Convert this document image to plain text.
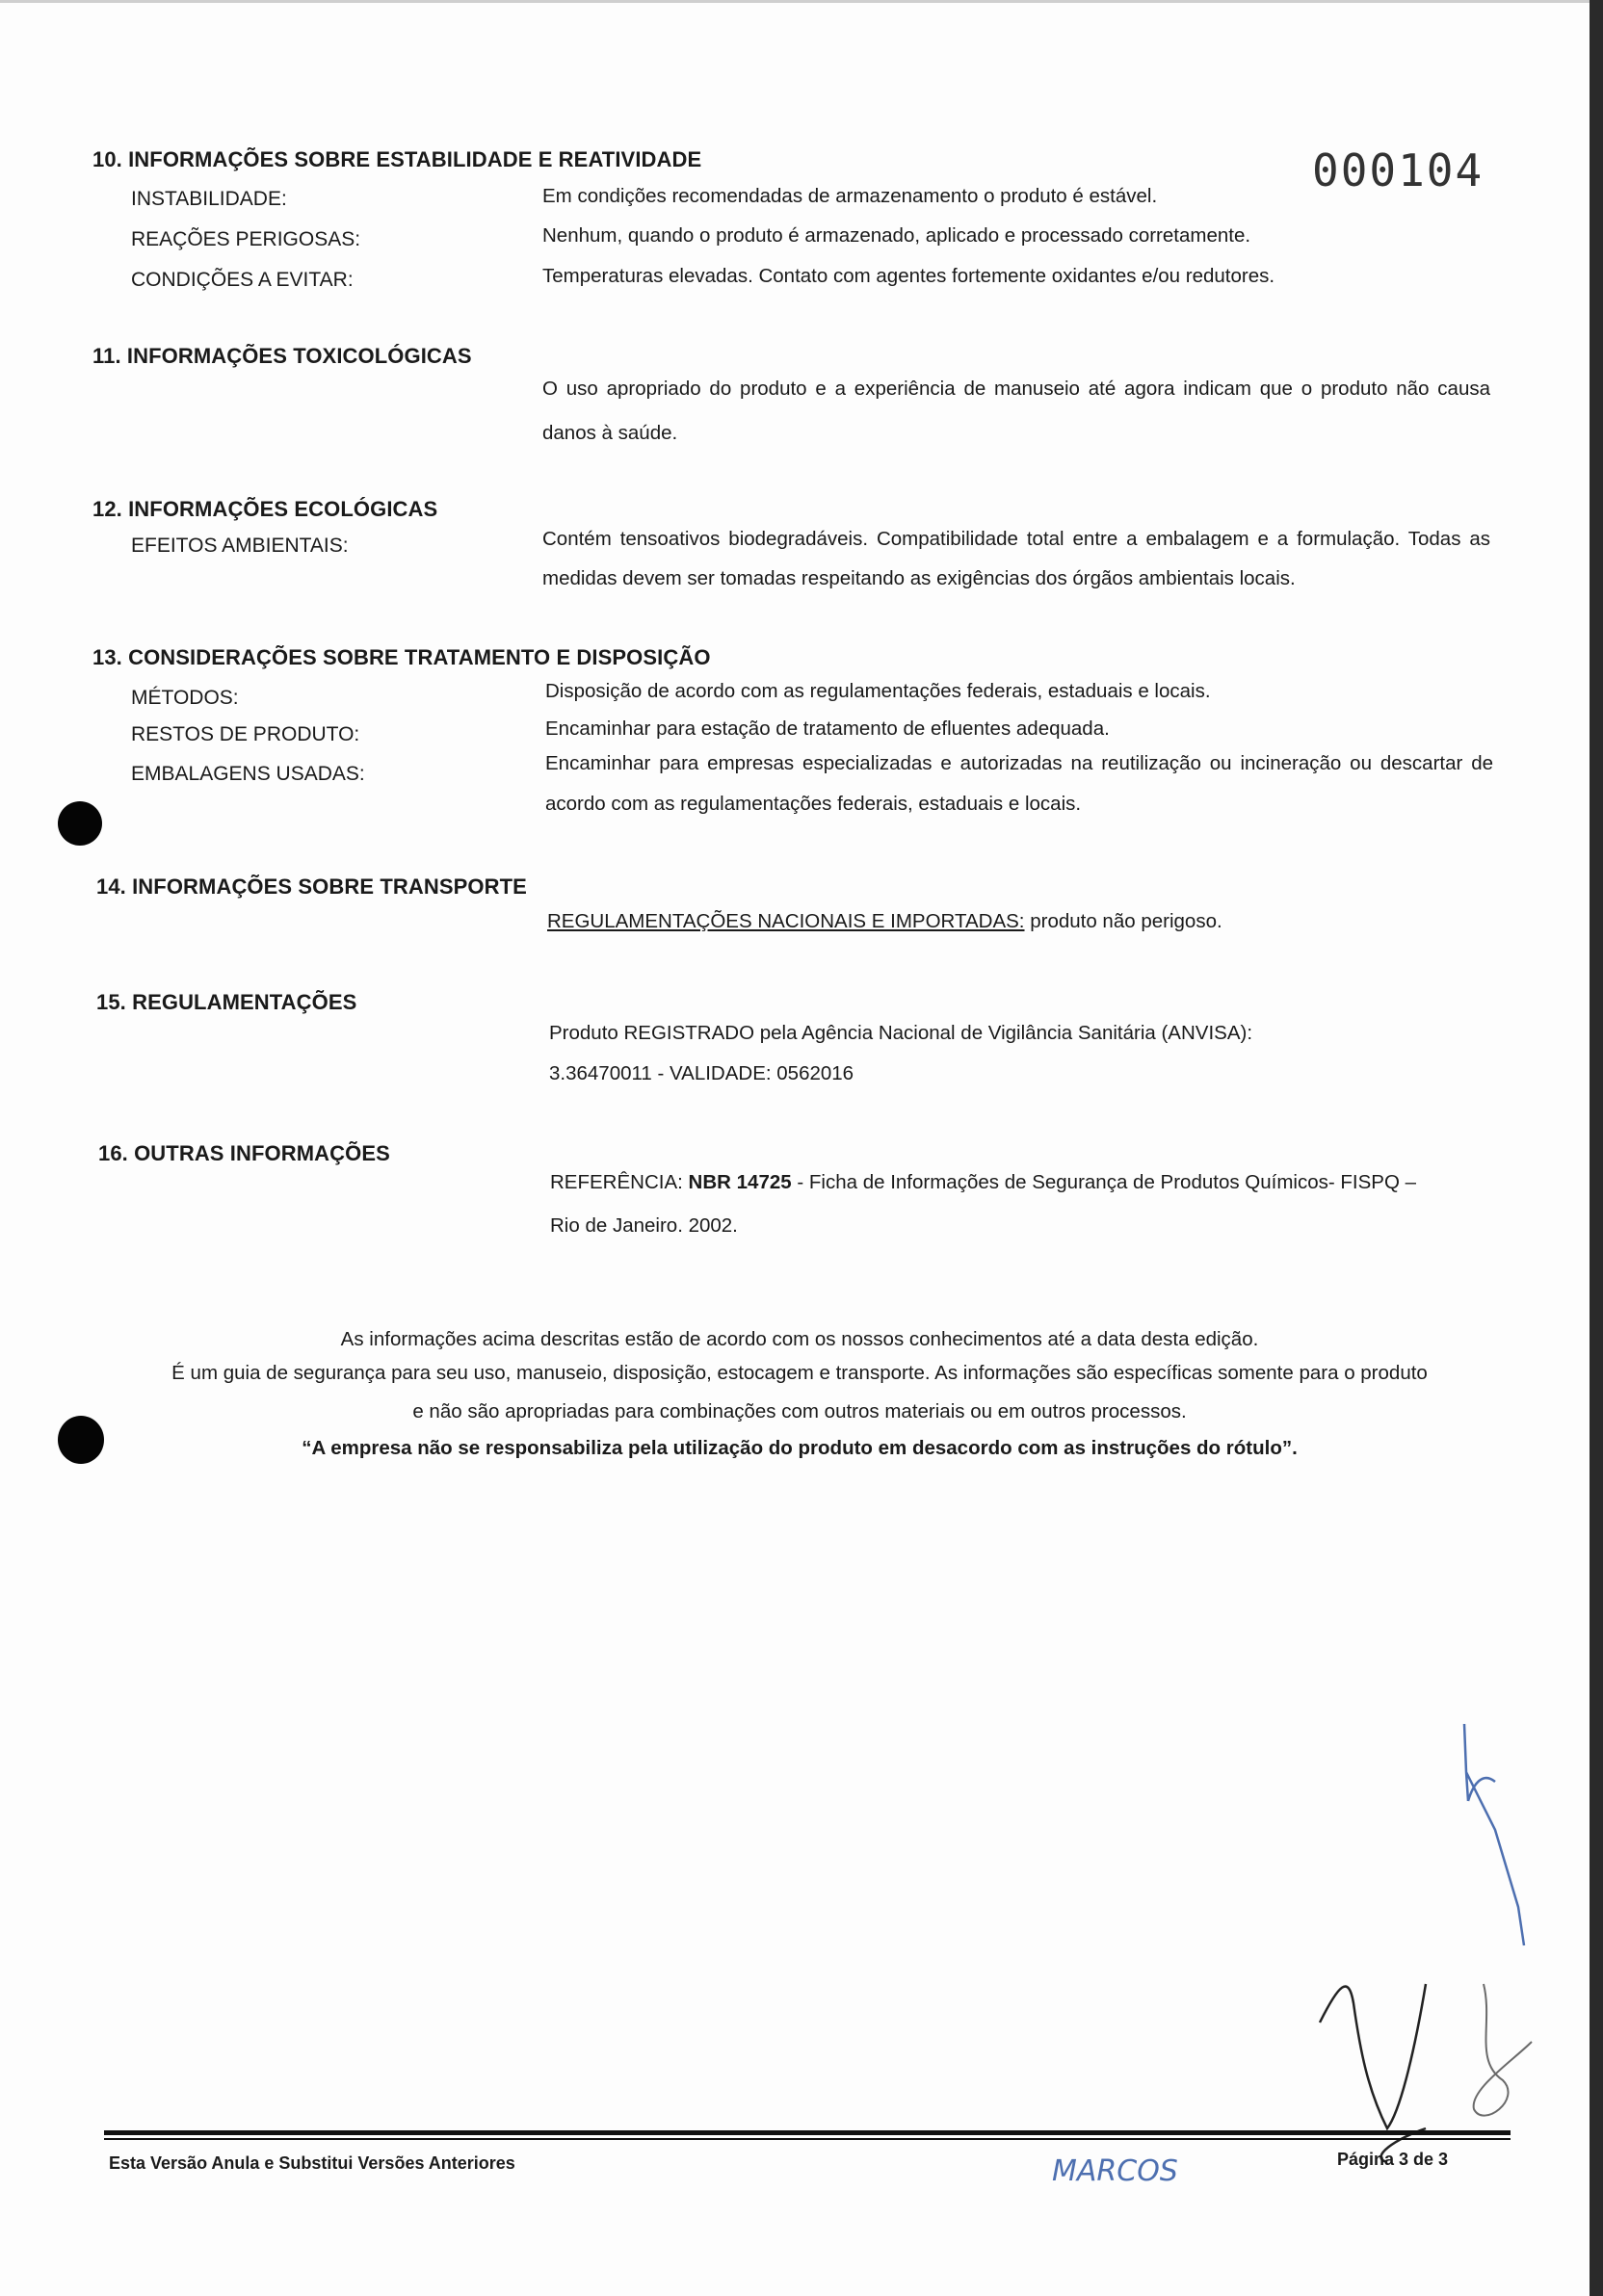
000104
10. INFORMAÇÕES SOBRE ESTABILIDADE E REATIVIDADE
INSTABILIDADE:	Em condições recomendadas de armazenamento o produto é estável.
REAÇÕES PERIGOSAS:	Nenhum, quando o produto é armazenado, aplicado e processado corretamente.
CONDIÇÕES A EVITAR:	Temperaturas elevadas. Contato com agentes fortemente oxidantes e/ou redutores.
11. INFORMAÇÕES TOXICOLÓGICAS
O uso apropriado do produto e a experiência de manuseio até agora indicam que o produto não causa danos à saúde.
12. INFORMAÇÕES ECOLÓGICAS
EFEITOS AMBIENTAIS:	Contém tensoativos biodegradáveis. Compatibilidade total entre a embalagem e a formulação. Todas as medidas devem ser tomadas respeitando as exigências dos órgãos ambientais locais.
13. CONSIDERAÇÕES SOBRE TRATAMENTO E DISPOSIÇÃO
MÉTODOS:	Disposição de acordo com as regulamentações federais, estaduais e locais.
RESTOS DE PRODUTO:	Encaminhar para estação de tratamento de efluentes adequada.
EMBALAGENS USADAS:	Encaminhar para empresas especializadas e autorizadas na reutilização ou incineração ou descartar de acordo com as regulamentações federais, estaduais e locais.
14. INFORMAÇÕES SOBRE TRANSPORTE
REGULAMENTAÇÕES NACIONAIS E IMPORTADAS: produto não perigoso.
15. REGULAMENTAÇÕES
Produto REGISTRADO pela Agência Nacional de Vigilância Sanitária (ANVISA):
3.36470011 - VALIDADE: 0562016
16. OUTRAS INFORMAÇÕES
REFERÊNCIA: NBR 14725 - Ficha de Informações de Segurança de Produtos Químicos- FISPQ –
Rio de Janeiro. 2002.
As informações acima descritas estão de acordo com os nossos conhecimentos até a data desta edição.
É um guia de segurança para seu uso, manuseio, disposição, estocagem e transporte. As informações são específicas somente para o produto
e não são apropriadas para combinações com outros materiais ou em outros processos.
“A empresa não se responsabiliza pela utilização do produto em desacordo com as instruções do rótulo”.
Esta Versão Anula e Substitui Versões Anteriores	MARCOS	Página 3 de 3
